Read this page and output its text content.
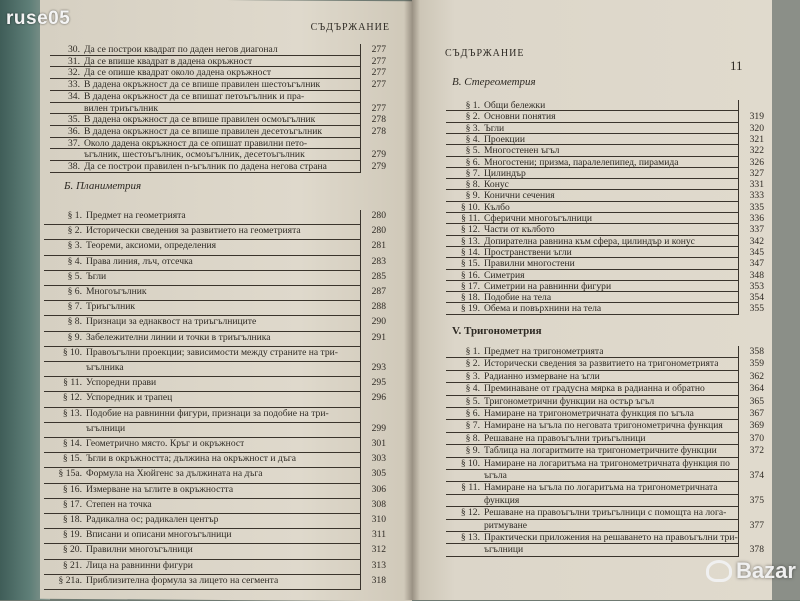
ruse05	СЪДЪРЖАНИЕ
СЪДЪРЖАНИЕ
11
30. Да се построи квадрат по даден негов диагонал	277
31. Да се впише квадрат в дадена окръжност	277
32. Да се опише квадрат около дадена окръжност	277
33. В дадена окръжност да се впише правилен шестоъгълник	277
34. В дадена окръжност да се впишат петоъгълник и пра-
вилен триъгълник	277
35. В дадена окръжност да се впише правилен осмоъгълник	278
36. В дадена окръжност да се впише правилен десетоъгълник	278
37. Около дадена окръжност да се опишат правилни пето-
ъгълник, шестоъгълник, осмоъгълник, десетоъгълник	279
38. Да се построи правилен n-ъгълник по дадена негова страна	279
Б. Планиметрия
§ 1. Предмет на геометрията	280
§ 2. Исторически сведения за развитието на геометрията	280
§ 3. Теореми, аксиоми, определения	281
§ 4. Права линия, лъч, отсечка	283
§ 5. Ъгли	285
§ 6. Многоъгълник	287
§ 7. Триъгълник	288
§ 8. Признаци за еднаквост на триъгълниците	290
§ 9. Забележителни линии и точки в триъгълника	291
§ 10. Правоъгълни проекции; зависимости между страните на три-
ъгълника	293
§ 11. Успоредни прави	295
§ 12. Успоредник и трапец	296
§ 13. Подобие на равнинни фигури, признаци за подобие на три-
ъгълници	299
§ 14. Геометрично място. Кръг и окръжност	301
§ 15. Ъгли в окръжността; дължина на окръжност и дъга	303
§ 15а. Формула на Хюйгенс за дължината на дъга	305
§ 16. Измерване на ъглите в окръжността	306
§ 17. Степен на точка	308
§ 18. Радикална ос; радикален център	310
§ 19. Вписани и описани многоъгълници	311
§ 20. Правилни многоъгълници	312
§ 21. Лица на равнинни фигури	313
§ 21а. Приблизителна формула за лицето на сегмента	318
В. Стереометрия
§ 1. Общи бележки
§ 2. Основни понятия	319
§ 3. Ъгли	320
§ 4. Проекции	321
§ 5. Многостенен ъгъл	322
§ 6. Многостени; призма, паралелепипед, пирамида	326
§ 7. Цилиндър	327
§ 8. Конус	331
§ 9. Конични сечения	333
§ 10. Кълбо	335
§ 11. Сферични многоъгълници	336
§ 12. Части от кълбото	337
§ 13. Допирателна равнина към сфера, цилиндър и конус	342
§ 14. Пространствени ъгли	345
§ 15. Правилни многостени	347
§ 16. Симетрия	348
§ 17. Симетрии на равнинни фигури	353
§ 18. Подобие на тела	354
§ 19. Обема и повърхнини на тела	355
V. Тригонометрия
§ 1. Предмет на тригонометрията	358
§ 2. Исторически сведения за развитието на тригонометрията	359
§ 3. Радианно измерване на ъгли	362
§ 4. Преминаване от градусна мярка в радианна и обратно	364
§ 5. Тригонометрични функции на остър ъгъл	365
§ 6. Намиране на тригонометричната функция по ъгъла	367
§ 7. Намиране на ъгъла по неговата тригонометрична функция	369
§ 8. Решаване на правоъгълни триъгълници	370
§ 9. Таблица на логаритмите на тригонометричните функции	372
§ 10. Намиране на логаритъма на тригонометричната функция по
ъгъла	374
§ 11. Намиране на ъгъла по логаритъма на тригонометричната
функция	375
§ 12. Решаване на правоъгълни триъгълници с помощта на лога-
ритмуване	377
§ 13. Практически приложения на решаването на правоъгълни три-
ъгълници	378
Bazar
